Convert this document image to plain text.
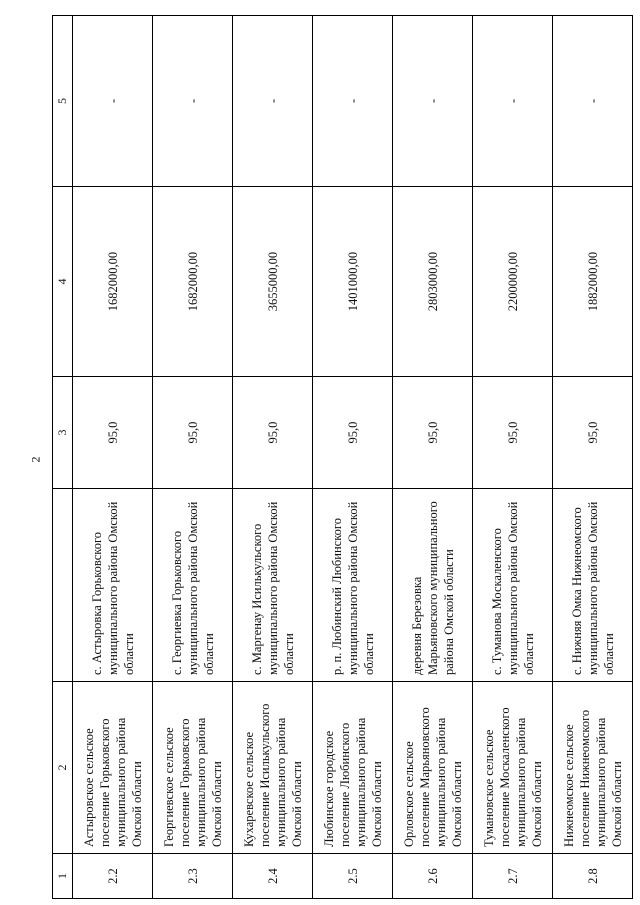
2
1	2		3	4	5
2.2	Астыровское сельское поселение Горьковского муниципального района Омской области	с. Астыровка Горьковского муниципального района Омской области	95,0	1682000,00	-
2.3	Георгиевское сельское поселение Горьковского муниципального района Омской области	с. Георгиевка Горьковского муниципального района Омской области	95,0	1682000,00	-
2.4	Кухаревское сельское поселение Исилькульского муниципального района Омской области	с. Маргенау Исилькульского муниципального района Омской области	95,0	3655000,00	-
2.5	Любинское городское поселение Любинского муниципального района Омской области	р. п. Любинский Любинского муниципального района Омской области	95,0	1401000,00	-
2.6	Орловское сельское поселение Марьяновского муниципального района Омской области	деревня Березовка Марьяновского муниципального района Омской области	95,0	2803000,00	-
2.7	Тумановское сельское поселение Москаленского муниципального района Омской области	с. Туманова Москаленского муниципального района Омской области	95,0	2200000,00	-
2.8	Нижнеомское сельское поселение Нижнеомского муниципального района Омской области	с. Нижняя Омка Нижнеомского муниципального района Омской области	95,0	1882000,00	-
